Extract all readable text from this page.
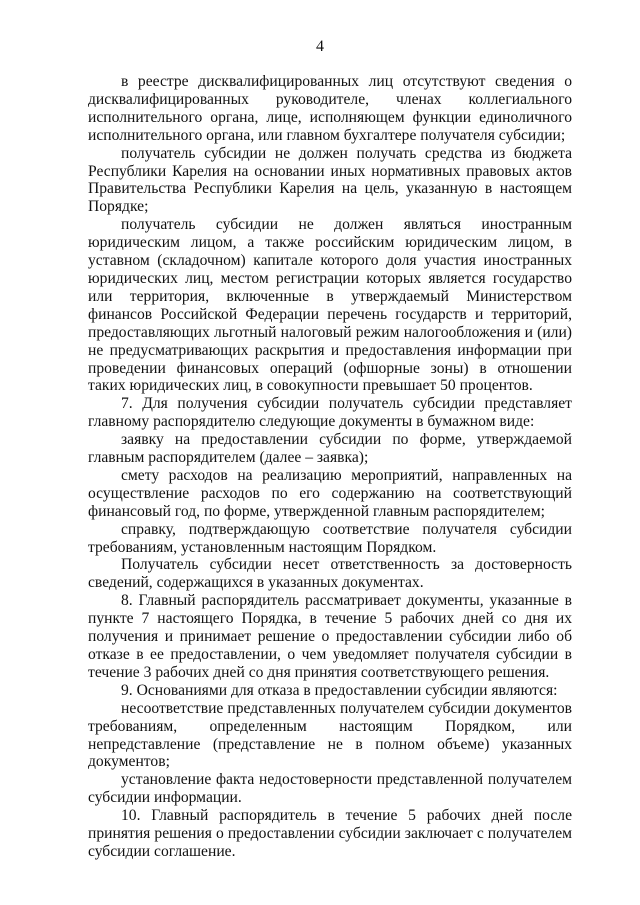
4

в реестре дисквалифицированных лиц отсутствуют сведения о дисквалифицированных руководителе, членах коллегиального исполнительного органа, лице, исполняющем функции единоличного исполнительного органа, или главном бухгалтере получателя субсидии;

получатель субсидии не должен получать средства из бюджета Республики Карелия на основании иных нормативных правовых актов Правительства Республики Карелия на цель, указанную в настоящем Порядке;

получатель субсидии не должен являться иностранным юридическим лицом, а также российским юридическим лицом, в уставном (складочном) капитале которого доля участия иностранных юридических лиц, местом регистрации которых является государство или территория, включенные в утверждаемый Министерством финансов Российской Федерации перечень государств и территорий, предоставляющих льготный налоговый режим налогообложения и (или) не предусматривающих раскрытия и предоставления информации при проведении финансовых операций (офшорные зоны) в отношении таких юридических лиц, в совокупности превышает 50 процентов.

7. Для получения субсидии получатель субсидии представляет главному распорядителю следующие документы в бумажном виде:

заявку на предоставлении субсидии по форме, утверждаемой главным распорядителем (далее – заявка);

смету расходов на реализацию мероприятий, направленных на осуществление расходов по его содержанию на соответствующий финансовый год, по форме, утвержденной главным распорядителем;

справку, подтверждающую соответствие получателя субсидии требованиям, установленным настоящим Порядком.

Получатель субсидии несет ответственность за достоверность сведений, содержащихся в указанных документах.

8. Главный распорядитель рассматривает документы, указанные в пункте 7 настоящего Порядка, в течение 5 рабочих дней со дня их получения и принимает решение о предоставлении субсидии либо об отказе в ее предоставлении, о чем уведомляет получателя субсидии в течение 3 рабочих дней со дня принятия соответствующего решения.

9. Основаниями для отказа в предоставлении субсидии являются:

несоответствие представленных получателем субсидии документов требованиям, определенным настоящим Порядком, или непредставление (представление не в полном объеме) указанных документов;

установление факта недостоверности представленной получателем субсидии информации.

10. Главный распорядитель в течение 5 рабочих дней после принятия решения о предоставлении субсидии заключает с получателем субсидии соглашение.
